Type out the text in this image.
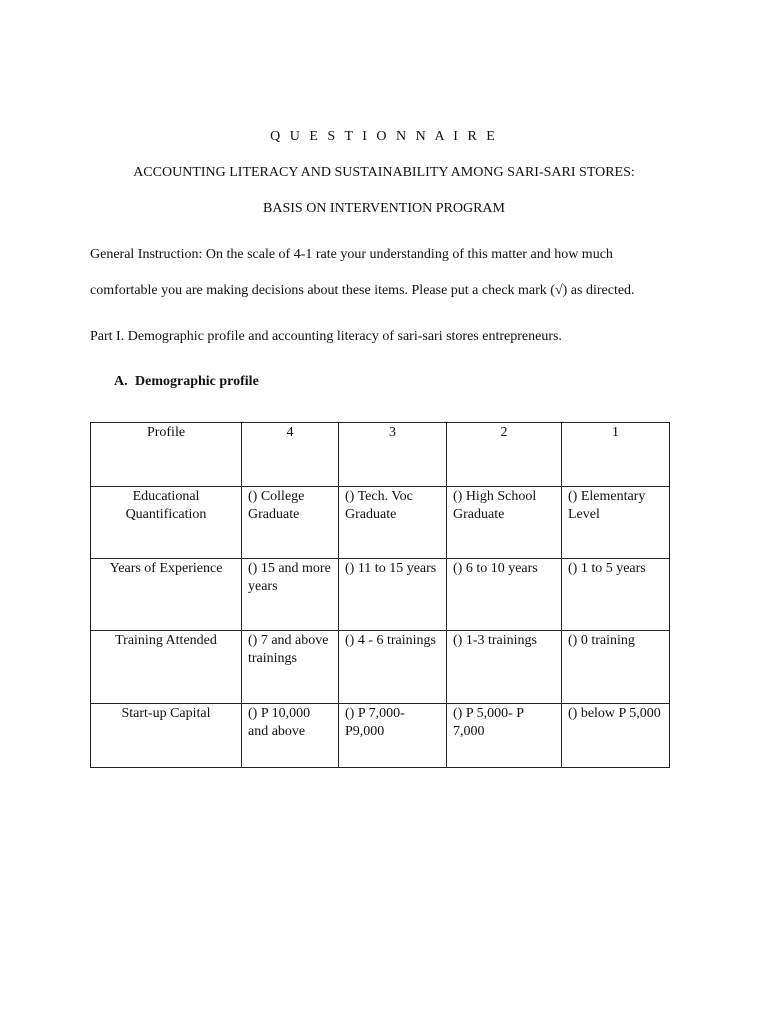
Q U E S T I O N N A I R E
ACCOUNTING LITERACY AND SUSTAINABILITY AMONG SARI-SARI STORES:
BASIS ON INTERVENTION PROGRAM
General Instruction: On the scale of 4-1 rate your understanding of this matter and how much
comfortable you are making decisions about these items. Please put a check mark (√) as directed.
Part I. Demographic profile and accounting literacy of sari-sari stores entrepreneurs.
A. Demographic profile
Profile	4	3	2	1
Educational Quantification	() College Graduate	() Tech. Voc Graduate	() High School Graduate	() Elementary Level
Years of Experience	() 15 and more years	() 11 to 15 years	() 6 to 10 years	() 1 to 5 years
Training Attended	() 7 and above trainings	() 4 - 6 trainings	() 1-3 trainings	() 0 training
Start-up Capital	() P 10,000 and above	() P 7,000-P9,000	() P 5,000- P 7,000	() below P 5,000
